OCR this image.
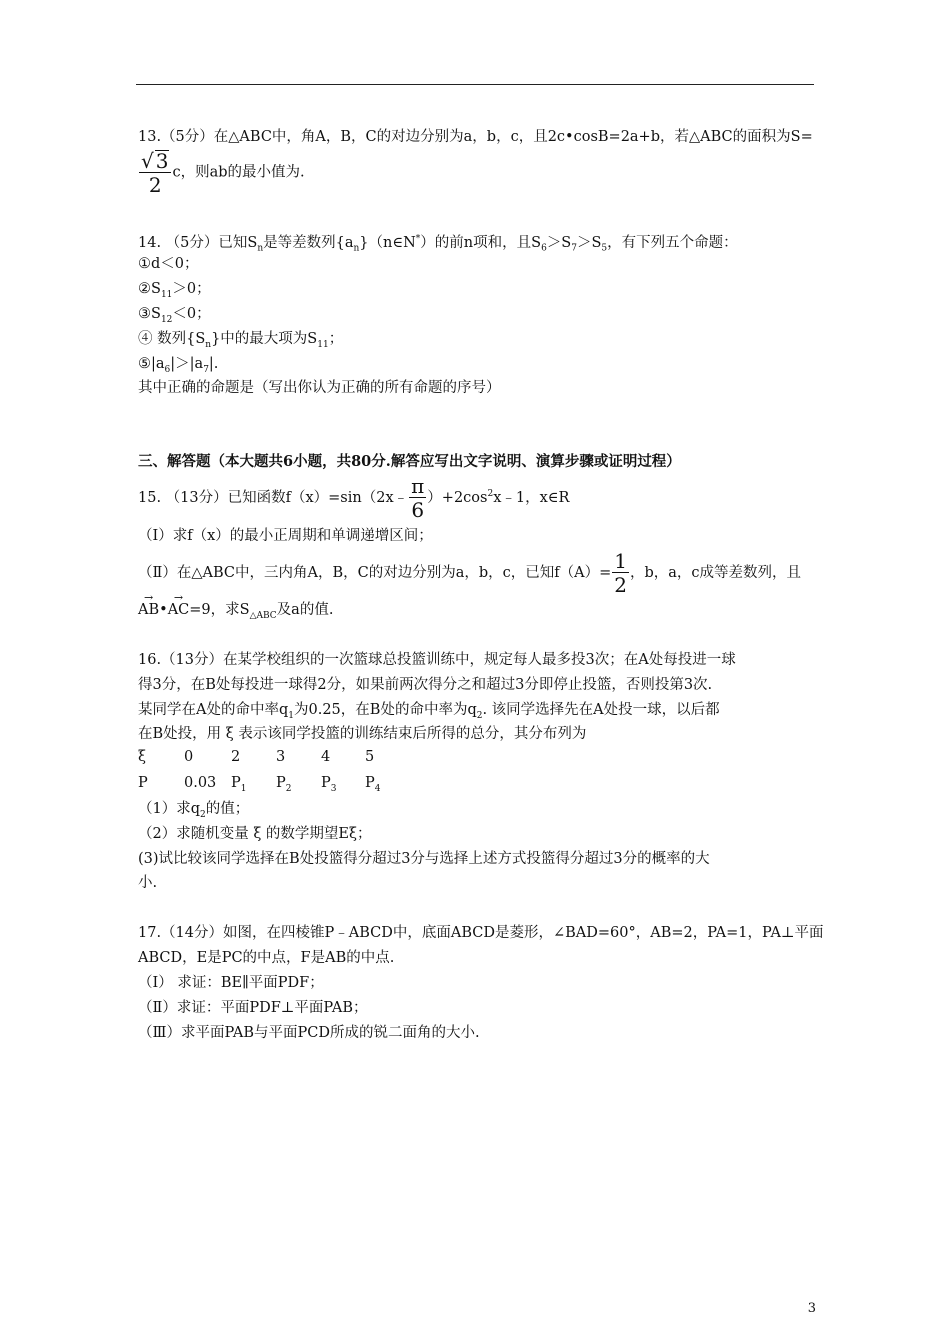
13.（5分）在△ABC中，角A，B，C的对边分别为a，b，c，且2c•cosB=2a+b，若△ABC的面积为S=
$\frac{√ 3}{2}$ c，则ab的最小值为.
14. （5分）已知$S_n$是等差数列$\{a_n\}(n\in N^*)$的前n项和，且$S_6>S_7>S_5$，有下列五个命题：
①d＜0；
$②S_{11}>0$；
$③S_{12}<0$；
④ 数列$\{S_n\}$中的最大项为$S_{11}$；
$⑤|a_6|>|a_7|$.
其中正确的命题是（写出你认为正确的所有命题的序号）
三、解答题（本大题共6小题，共80分.解答应写出文字说明、演算步骤或证明过程）
15. （13分）已知函数f（x）=sin（2x﹣ $\frac{\pi}{6}$ ）$+2\cos^2x﹣1$，x∈R
（Ⅰ）求f（x）的最小正周期和单调递增区间；
（Ⅱ）在△ABC中，三内角A，B，C的对边分别为a，b，c，已知$f(A)= \frac{1}{2}$ ，b，a，c成等差数列，且
→ AB•→ AC=9，求$S_{\triangle ABC}$及a的值.
16.（13分）在某学校组织的一次篮球总投篮训练中，规定每人最多投3次；在A处每投进一球
得3分，在B处每投进一球得2分，如果前两次得分之和超过3分即停止投篮，否则投第3次.
某同学在A处的命中率$q_1$为0.25，在B处的命中率为$q_2$. 该同学选择先在A处投一球，以后都
在B处投，用 ξ 表示该同学投篮的训练结束后所得的总分，其分布列为
ξ	0	2 3 4 5
P 0.03 $P_1$ $P_2$ $P_3$ $P_4$
（1）求$q_2$的值；
（2）求随机变量 ξ 的数学期望Eξ；
(3)试比较该同学选择在B处投篮得分超过3分与选择上述方式投篮得分超过3分的概率的大
小.
17.（14分）如图，在四棱锥P﹣ABCD中，底面ABCD是菱形，∠BAD=60°，AB=2，PA=1，PA⊥平面
ABCD，E是PC的中点，F是AB的中点.
（Ⅰ） 求证：BE∥平面PDF；
（Ⅱ）求证：平面PDF⊥平面PAB；
（Ⅲ）求平面PAB与平面PCD所成的锐二面角的大小.
3
